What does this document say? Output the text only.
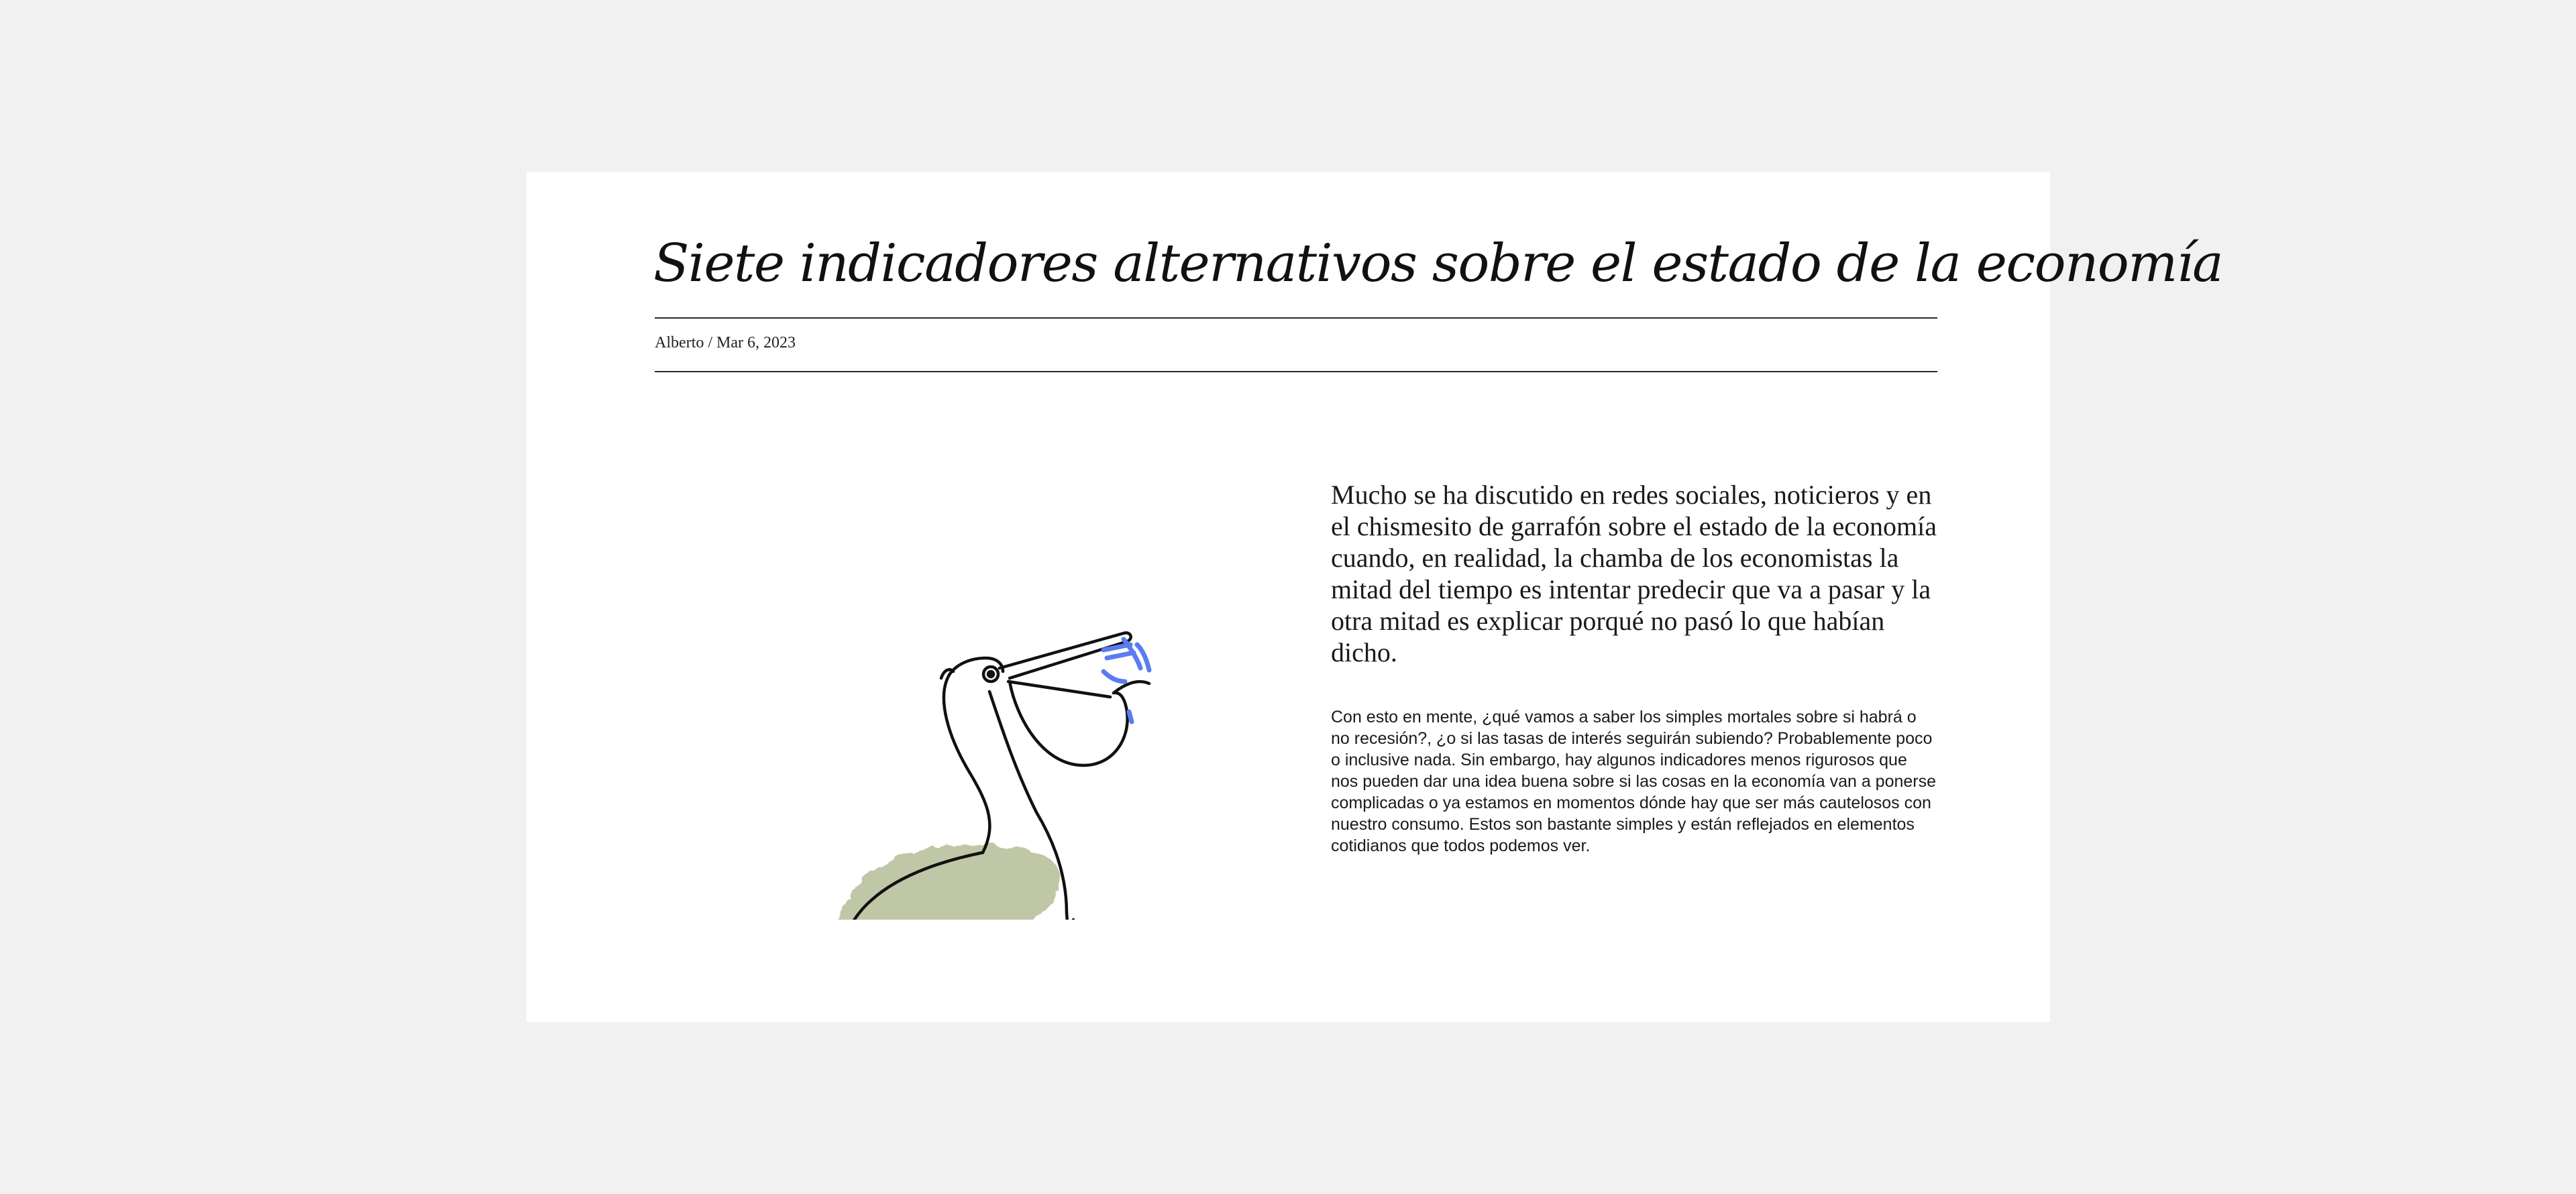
Siete indicadores alternativos sobre el estado de la economía
Alberto / Mar 6, 2023

Mucho se ha discutido en redes sociales, noticieros y en el chismesito de garrafón sobre el estado de la economía cuando, en realidad, la chamba de los economistas la mitad del tiempo es intentar predecir que va a pasar y la otra mitad es explicar porqué no pasó lo que habían dicho.

Con esto en mente, ¿qué vamos a saber los simples mortales sobre si habrá o no recesión?, ¿o si las tasas de interés seguirán subiendo? Probablemente poco o inclusive nada. Sin embargo, hay algunos indicadores menos rigurosos que nos pueden dar una idea buena sobre si las cosas en la economía van a ponerse complicadas o ya estamos en momentos dónde hay que ser más cautelosos con nuestro consumo. Estos son bastante simples y están reflejados en elementos cotidianos que todos podemos ver.
